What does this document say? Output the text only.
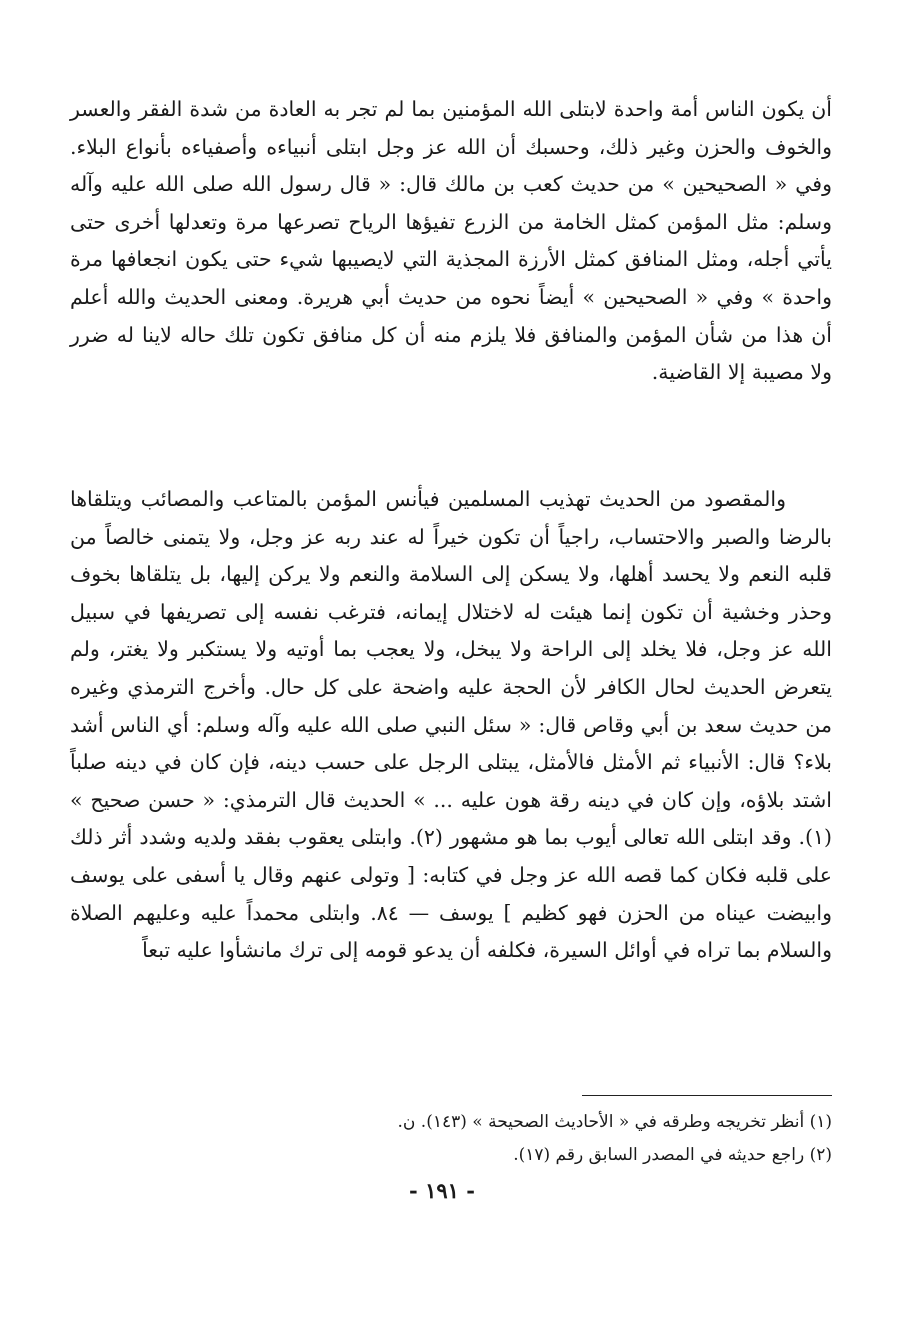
أن يكون الناس أمة واحدة لابتلى الله المؤمنين بما لم تجر به العادة من شدة الفقر والعسر والخوف والحزن وغير ذلك، وحسبك أن الله عز وجل ابتلى أنبياءه وأصفياءه بأنواع البلاء. وفي « الصحيحين » من حديث كعب بن مالك قال: « قال رسول الله صلى الله عليه وآله وسلم: مثل المؤمن كمثل الخامة من الزرع تفيؤها الرياح تصرعها مرة وتعدلها أخرى حتى يأتي أجله، ومثل المنافق كمثل الأرزة المجذية التي لايصيبها شيء حتى يكون انجعافها مرة واحدة » وفي « الصحيحين » أيضاً نحوه من حديث أبي هريرة. ومعنى الحديث والله أعلم أن هذا من شأن المؤمن والمنافق فلا يلزم منه أن كل منافق تكون تلك حاله لاينا له ضرر ولا مصيبة إلا القاضية.

والمقصود من الحديث تهذيب المسلمين فيأنس المؤمن بالمتاعب والمصائب ويتلقاها بالرضا والصبر والاحتساب، راجياً أن تكون خيراً له عند ربه عز وجل، ولا يتمنى خالصاً من قلبه النعم ولا يحسد أهلها، ولا يسكن إلى السلامة والنعم ولا يركن إليها، بل يتلقاها بخوف وحذر وخشية أن تكون إنما هيئت له لاختلال إيمانه، فترغب نفسه إلى تصريفها في سبيل الله عز وجل، فلا يخلد إلى الراحة ولا يبخل، ولا يعجب بما أوتيه ولا يستكبر ولا يغتر، ولم يتعرض الحديث لحال الكافر لأن الحجة عليه واضحة على كل حال. وأخرج الترمذي وغيره من حديث سعد بن أبي وقاص قال: « سئل النبي صلى الله عليه وآله وسلم: أي الناس أشد بلاء؟ قال: الأنبياء ثم الأمثل فالأمثل، يبتلى الرجل على حسب دينه، فإن كان في دينه صلباً اشتد بلاؤه، وإن كان في دينه رقة هون عليه ... » الحديث قال الترمذي: « حسن صحيح » (١). وقد ابتلى الله تعالى أيوب بما هو مشهور (٢). وابتلى يعقوب بفقد ولديه وشدد أثر ذلك على قلبه فكان كما قصه الله عز وجل في كتابه: [ وتولى عنهم وقال يا أسفى على يوسف وابيضت عيناه من الحزن فهو كظيم ] يوسف — ٨٤. وابتلى محمداً عليه وعليهم الصلاة والسلام بما تراه في أوائل السيرة، فكلفه أن يدعو قومه إلى ترك مانشأوا عليه تبعاً

(١) أنظر تخريجه وطرقه في « الأحاديث الصحيحة » (١٤٣). ن.
(٢) راجع حديثه في المصدر السابق رقم (١٧).
- ١٩١ -
